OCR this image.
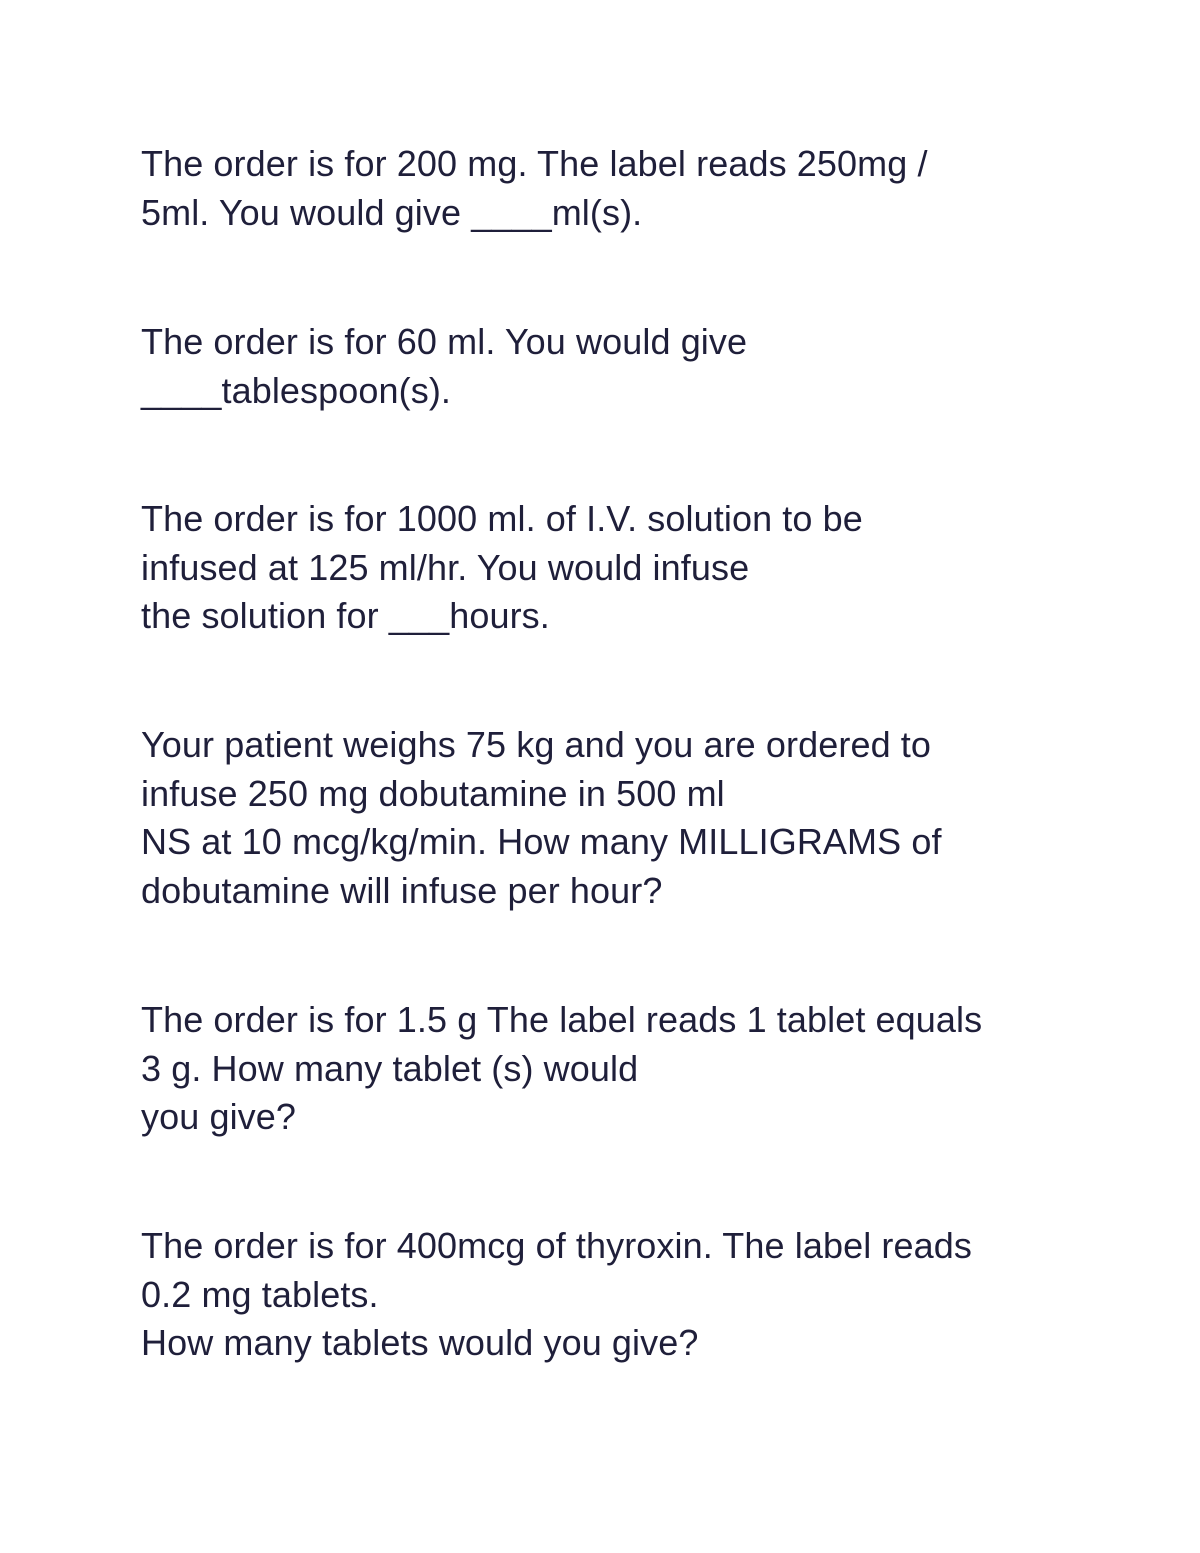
The order is for 200 mg. The label reads 250mg /
5ml. You would give ____ml(s).
The order is for 60 ml. You would give
____tablespoon(s).
The order is for 1000 ml. of I.V. solution to be
infused at 125 ml/hr. You would infuse
the solution for ___hours.
Your patient weighs 75 kg and you are ordered to
infuse 250 mg dobutamine in 500 ml
NS at 10 mcg/kg/min. How many MILLIGRAMS of
dobutamine will infuse per hour?
The order is for 1.5 g The label reads 1 tablet equals
3 g. How many tablet (s) would
you give?
The order is for 400mcg of thyroxin. The label reads
0.2 mg tablets.
How many tablets would you give?
